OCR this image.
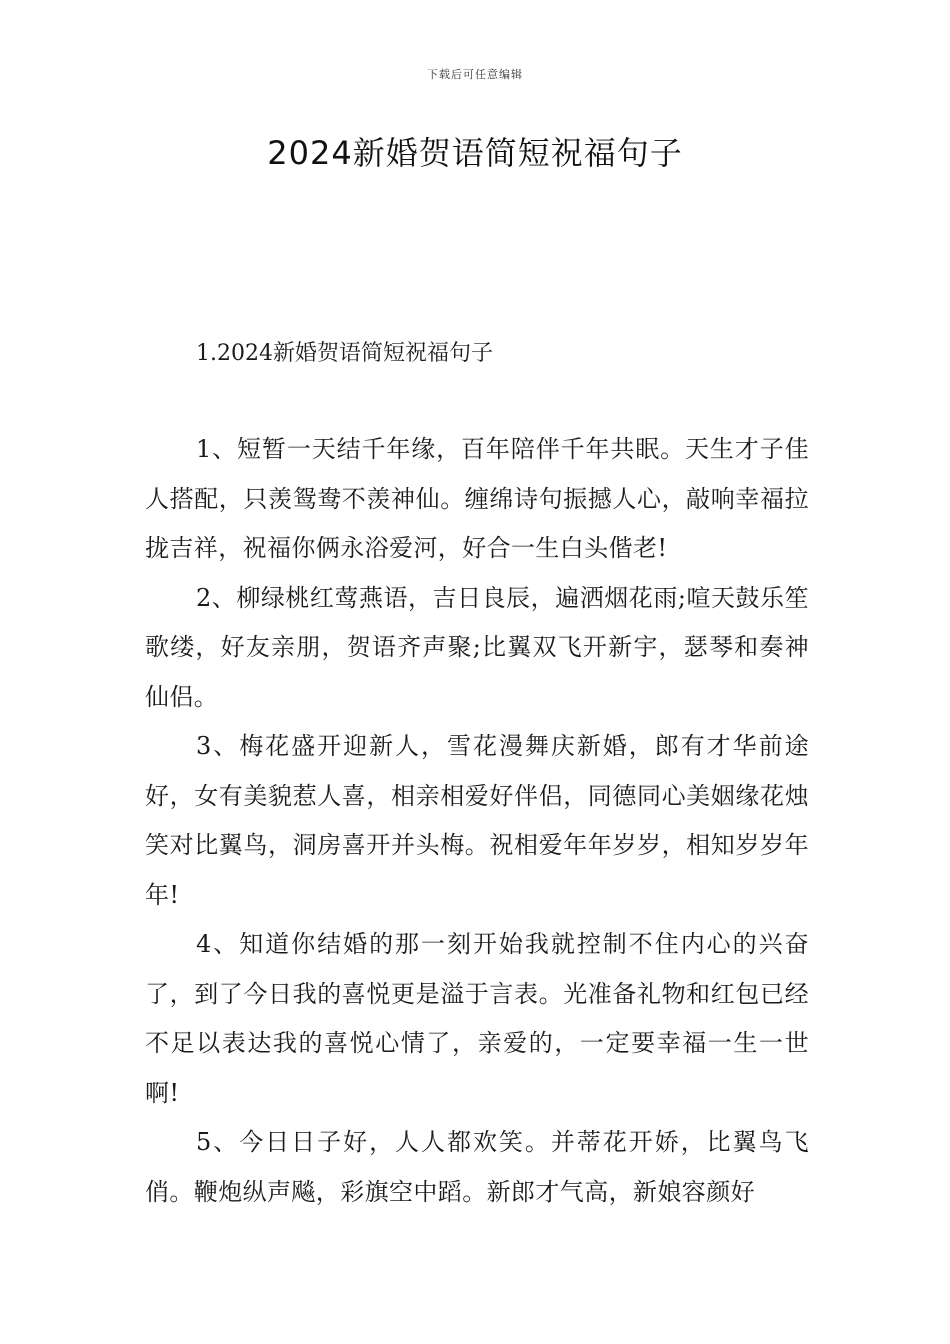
下载后可任意编辑
2024新婚贺语简短祝福句子
1.2024新婚贺语简短祝福句子

1、短暂一天结千年缘，百年陪伴千年共眠。天生才子佳人搭配，只羡鸳鸯不羡神仙。缠绵诗句振撼人心，敲响幸福拉拢吉祥，祝福你俩永浴爱河，好合一生白头偕老!

2、柳绿桃红莺燕语，吉日良辰，遍洒烟花雨;喧天鼓乐笙歌缕，好友亲朋，贺语齐声聚;比翼双飞开新宇，瑟琴和奏神仙侣。

3、梅花盛开迎新人，雪花漫舞庆新婚，郎有才华前途好，女有美貌惹人喜，相亲相爱好伴侣，同德同心美姻缘花烛笑对比翼鸟，洞房喜开并头梅。祝相爱年年岁岁，相知岁岁年年!

4、知道你结婚的那一刻开始我就控制不住内心的兴奋了，到了今日我的喜悦更是溢于言表。光准备礼物和红包已经不足以表达我的喜悦心情了，亲爱的，一定要幸福一生一世啊!

5、今日日子好，人人都欢笑。并蒂花开娇，比翼鸟飞俏。鞭炮纵声飚，彩旗空中蹈。新郎才气高，新娘容颜好
